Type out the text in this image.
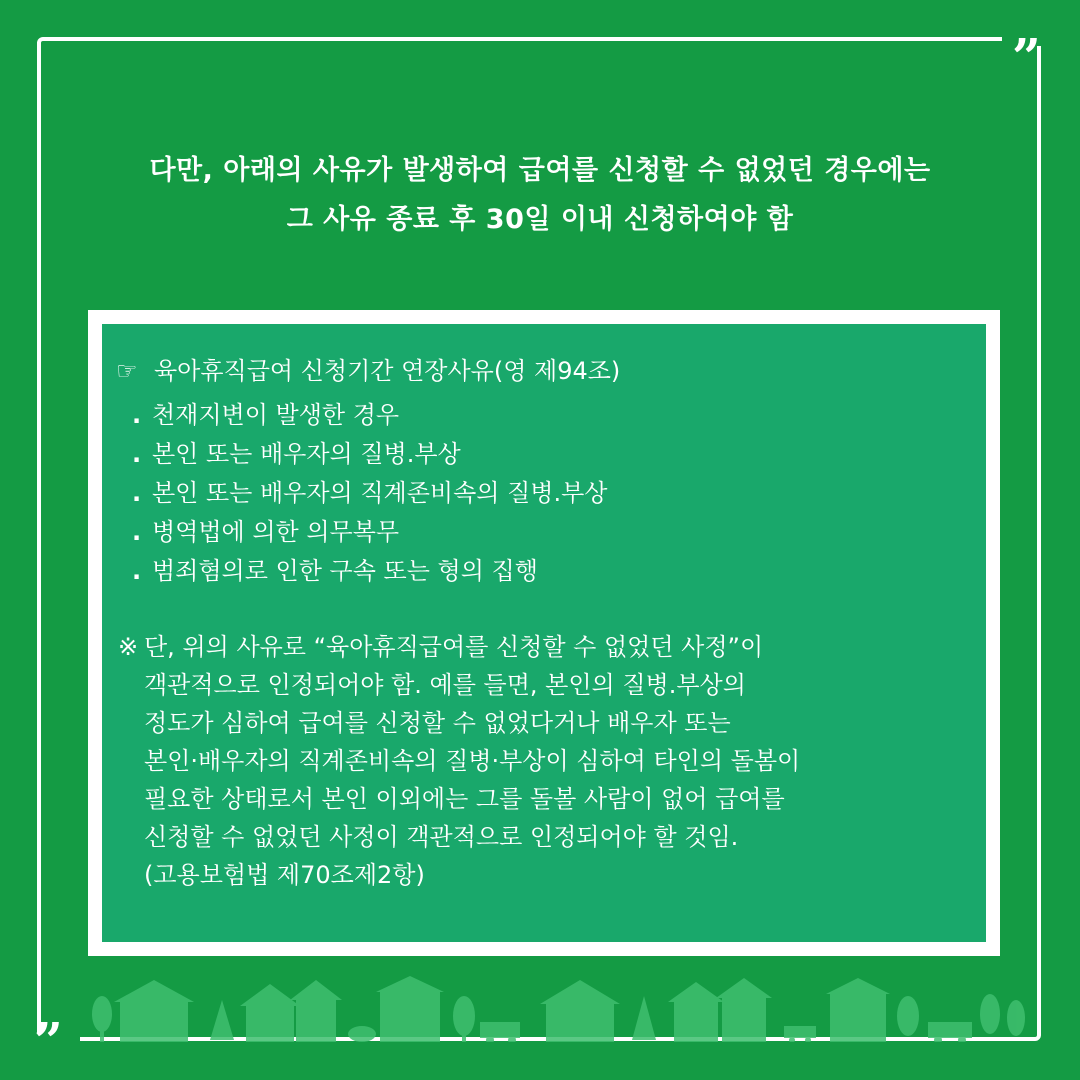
”
”
다만, 아래의 사유가 발생하여 급여를 신청할 수 없었던 경우에는
그 사유 종료 후 30일 이내 신청하여야 함
☞ 육아휴직급여 신청기간 연장사유(영 제94조)
. 천재지변이 발생한 경우
. 본인 또는 배우자의 질병.부상
. 본인 또는 배우자의 직계존비속의 질병.부상
. 병역법에 의한 의무복무
. 범죄혐의로 인한 구속 또는 형의 집행
※ 단, 위의 사유로 “육아휴직급여를 신청할 수 없었던 사정”이
객관적으로 인정되어야 함. 예를 들면, 본인의 질병.부상의
정도가 심하여 급여를 신청할 수 없었다거나 배우자 또는
본인·배우자의 직계존비속의 질병·부상이 심하여 타인의 돌봄이
필요한 상태로서 본인 이외에는 그를 돌볼 사람이 없어 급여를
신청할 수 없었던 사정이 객관적으로 인정되어야 할 것임.
(고용보험법 제70조제2항)
